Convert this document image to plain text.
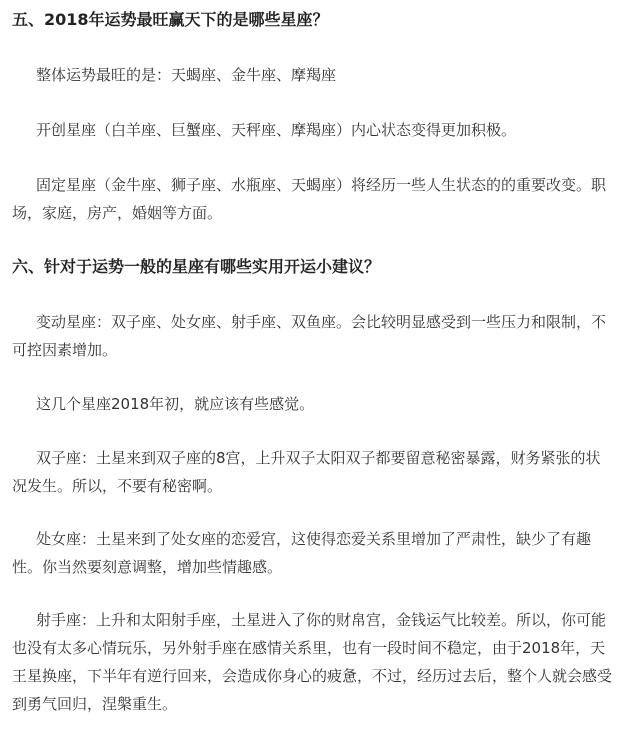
五、2018年运势最旺赢天下的是哪些星座？
整体运势最旺的是：天蝎座、金牛座、摩羯座
开创星座（白羊座、巨蟹座、天秤座、摩羯座）内心状态变得更加积极。
固定星座（金牛座、狮子座、水瓶座、天蝎座）将经历一些人生状态的的重要改变。职
场，家庭，房产，婚姻等方面。
六、针对于运势一般的星座有哪些实用开运小建议？
变动星座：双子座、处女座、射手座、双鱼座。会比较明显感受到一些压力和限制，不
可控因素增加。
这几个星座2018年初，就应该有些感觉。
双子座：土星来到双子座的8宫，上升双子太阳双子都要留意秘密暴露，财务紧张的状
况发生。所以，不要有秘密啊。
处女座：土星来到了处女座的恋爱宫，这使得恋爱关系里增加了严肃性，缺少了有趣
性。你当然要刻意调整，增加些情趣感。
射手座：上升和太阳射手座，土星进入了你的财帛宫，金钱运气比较差。所以，你可能
也没有太多心情玩乐，另外射手座在感情关系里，也有一段时间不稳定，由于2018年，天
王星换座，下半年有逆行回来，会造成你身心的疲惫，不过，经历过去后，整个人就会感受
到勇气回归，涅槃重生。
